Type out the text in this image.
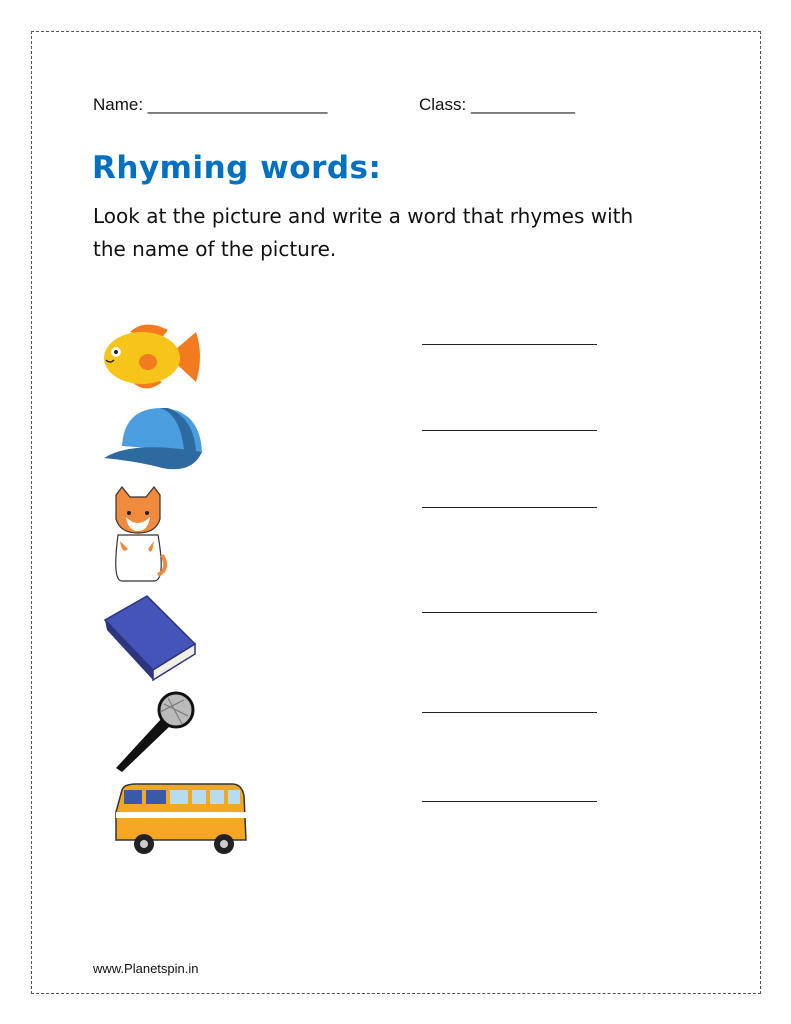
Name: ___________________	Class: ___________
Rhyming words:
Look at the picture and write a word that rhymes with
the name of the picture.
www.Planetspin.in
